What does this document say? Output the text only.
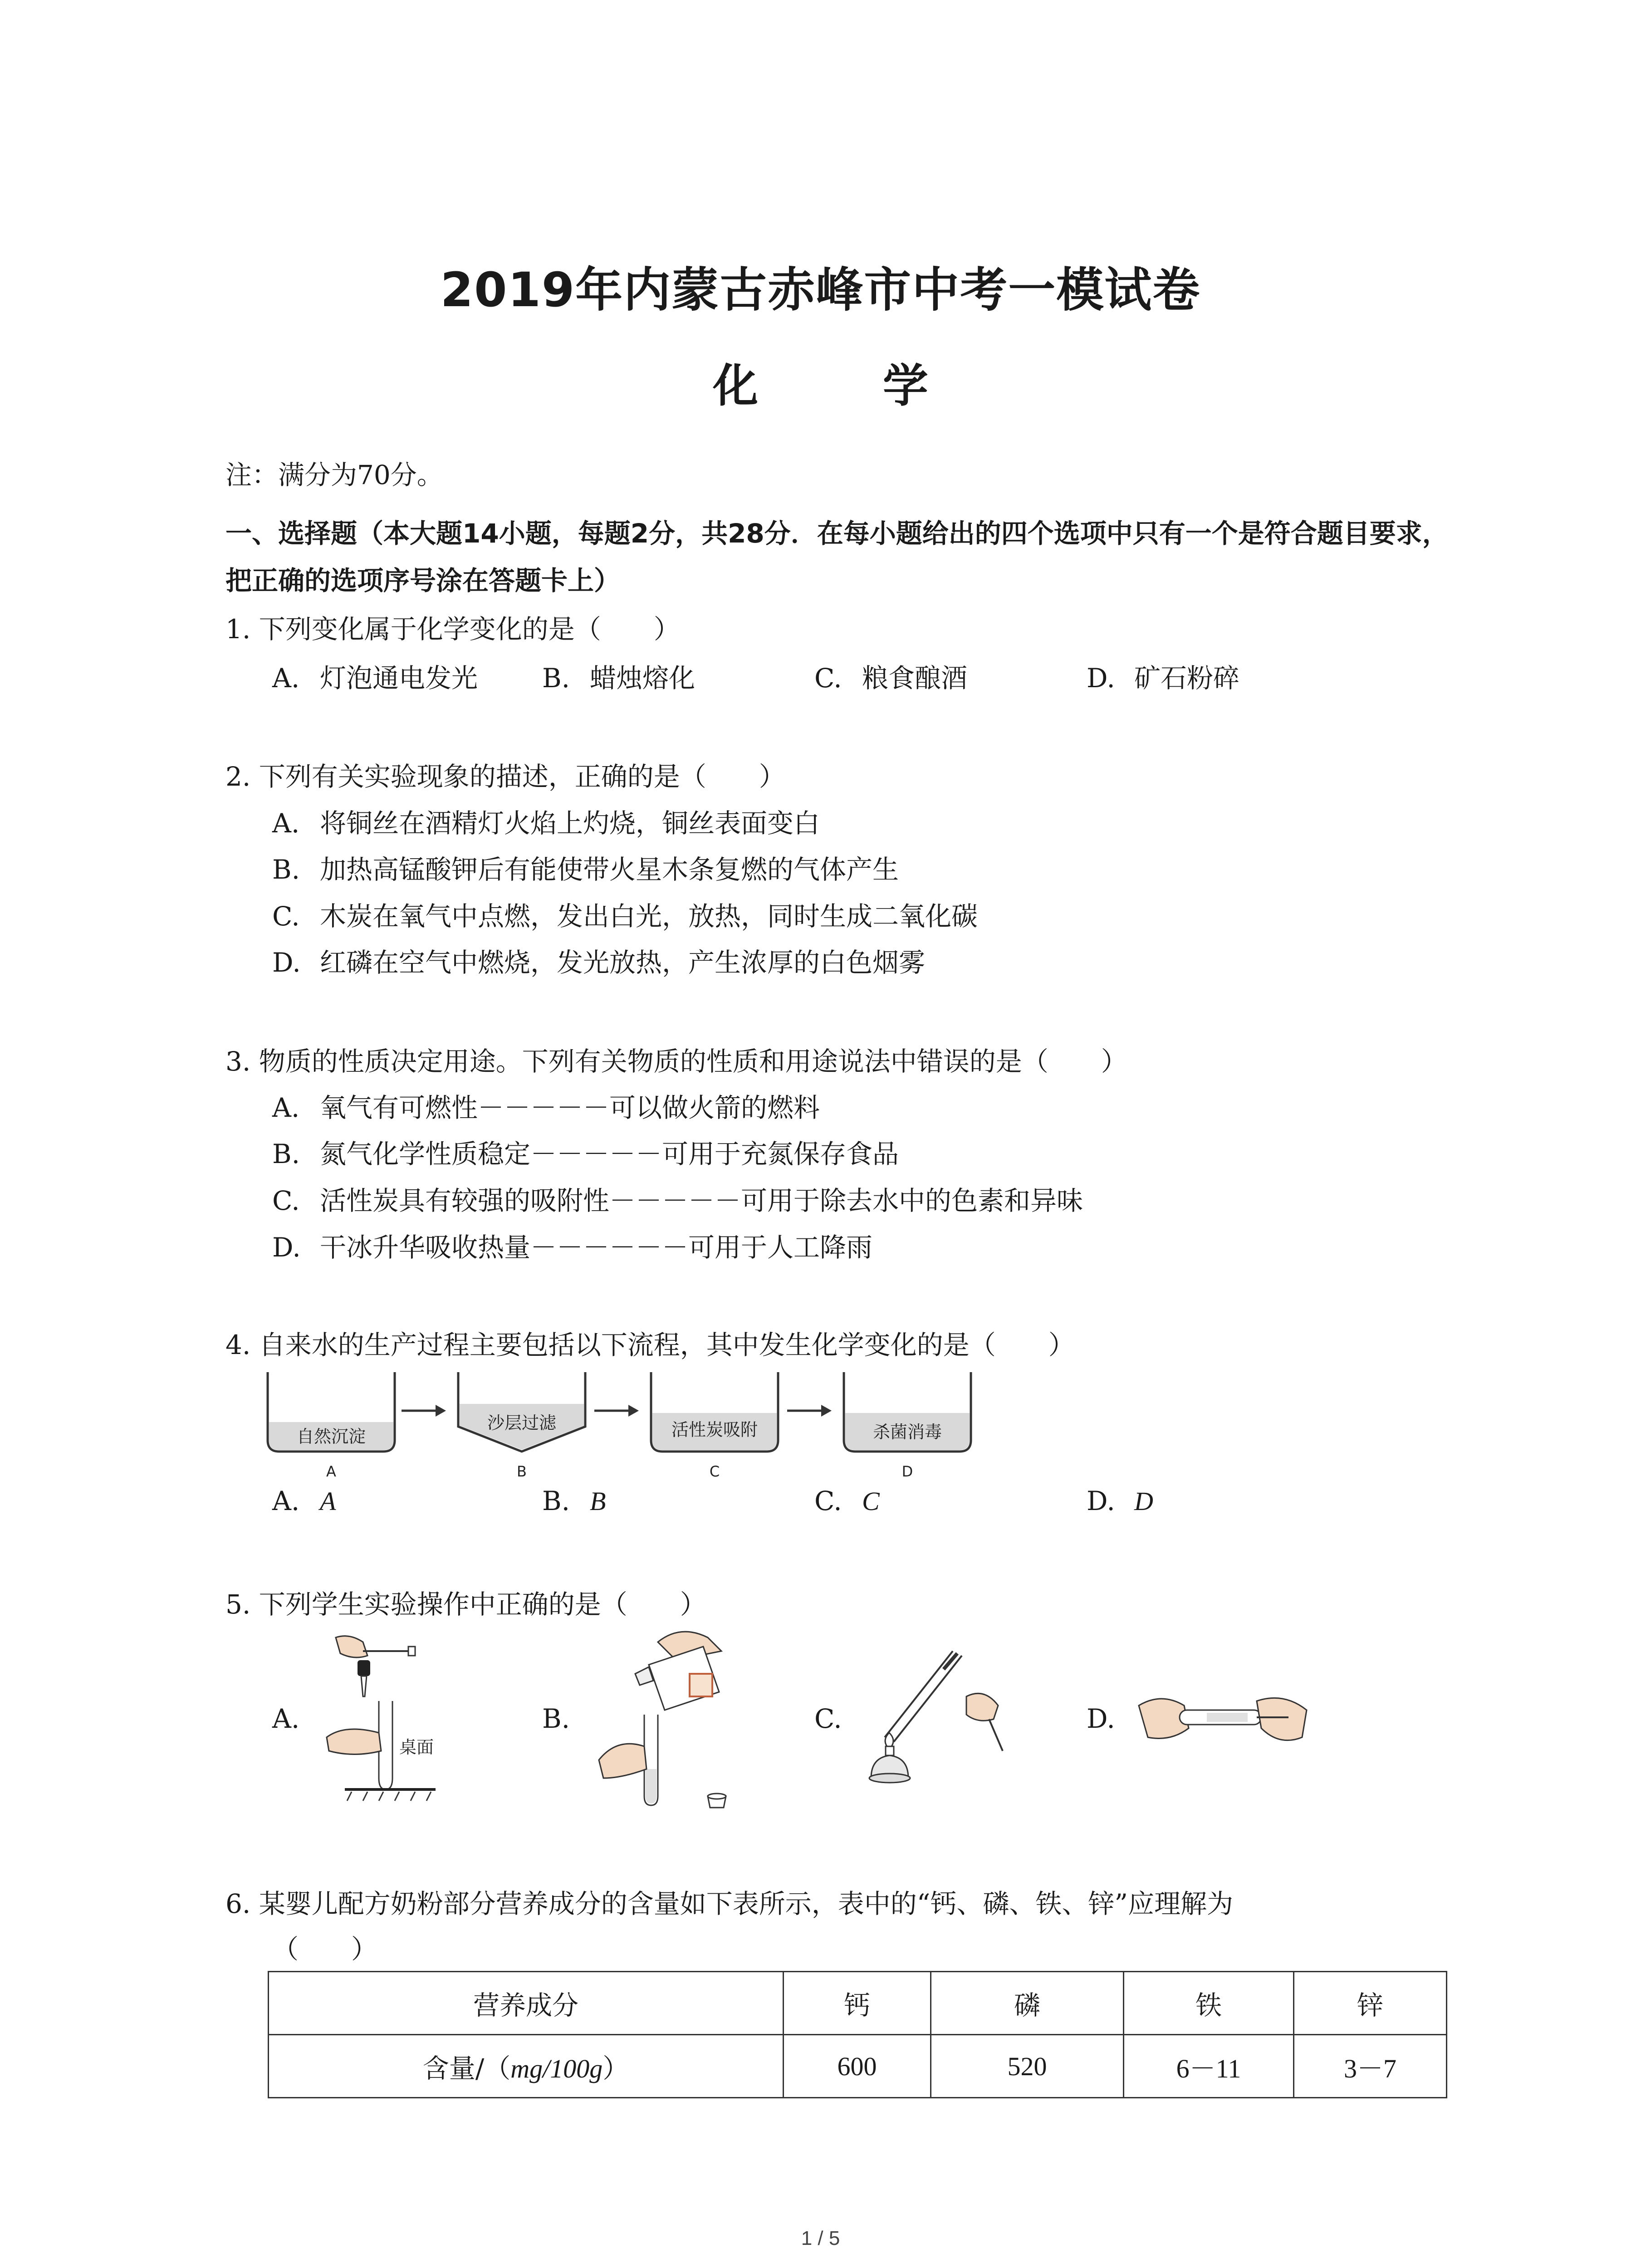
2019年内蒙古赤峰市中考一模试卷
化 学
注：满分为70分。
一、选择题（本大题14小题，每题2分，共28分．在每小题给出的四个选项中只有一个是符合题目要求，把正确的选项序号涂在答题卡上）
1. 下列变化属于化学变化的是（　　）
A. 灯泡通电发光 B. 蜡烛熔化	C. 粮食酿酒	D. 矿石粉碎
2. 下列有关实验现象的描述，正确的是（　　）
A. 将铜丝在酒精灯火焰上灼烧，铜丝表面变白
B. 加热高锰酸钾后有能使带火星木条复燃的气体产生
C. 木炭在氧气中点燃，发出白光，放热，同时生成二氧化碳
D. 红磷在空气中燃烧，发光放热，产生浓厚的白色烟雾
3. 物质的性质决定用途。下列有关物质的性质和用途说法中错误的是（　　）
A. 氧气有可燃性－－－－－可以做火箭的燃料
B. 氮气化学性质稳定－－－－－可用于充氮保存食品
C. 活性炭具有较强的吸附性－－－－－可用于除去水中的色素和异味
D. 干冰升华吸收热量－－－－－－可用于人工降雨
4. 自来水的生产过程主要包括以下流程，其中发生化学变化的是（　　）
自然沉淀
A
沙层过滤
B
活性炭吸附
C
杀菌消毒
D
A. A	B. B	C. C	D. D
5. 下列学生实验操作中正确的是（　　）
A.	B.	C.	D.
桌面
6. 某婴儿配方奶粉部分营养成分的含量如下表所示，表中的“钙、磷、铁、锌”应理解为
（　　）
营养成分	钙	磷	铁	锌
含量/（mg/100g）	600	520	6－11	3－7
1 / 5
